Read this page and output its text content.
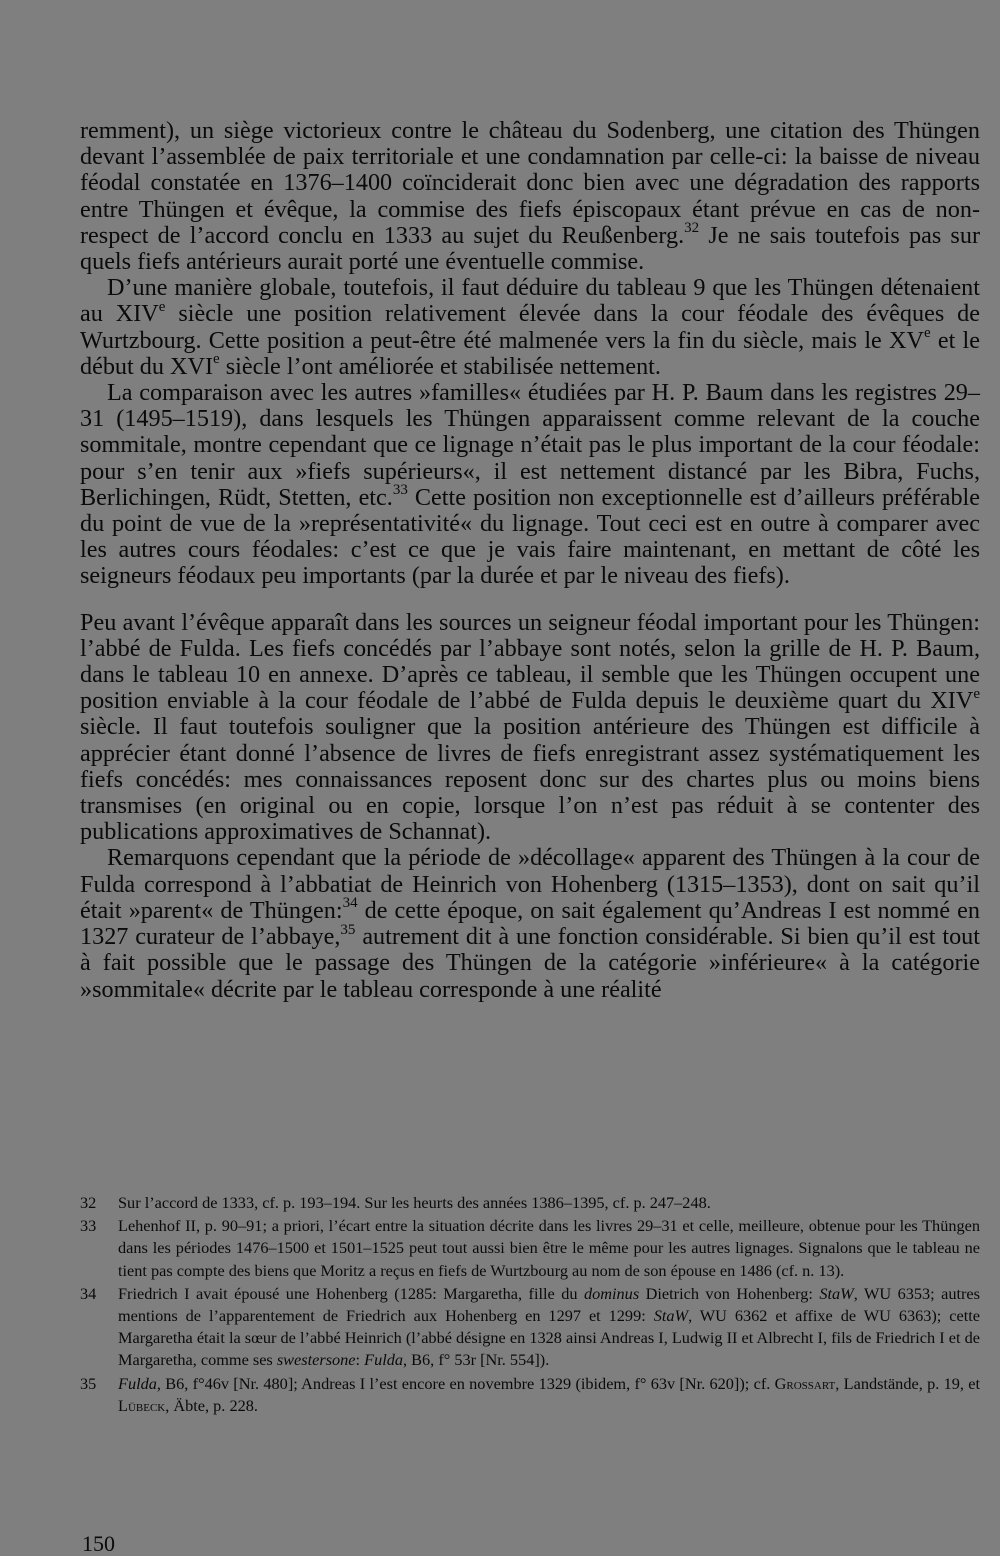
remment), un siège victorieux contre le château du Sodenberg, une citation des Thüngen devant l’assemblée de paix territoriale et une condamnation par celle-ci: la baisse de niveau féodal constatée en 1376–1400 coïnciderait donc bien avec une dégradation des rapports entre Thüngen et évêque, la commise des fiefs épiscopaux étant prévue en cas de non-respect de l’accord conclu en 1333 au sujet du Reußenberg.$^{32}$ Je ne sais toutefois pas sur quels fiefs antérieurs aurait porté une éventuelle commise.

D’une manière globale, toutefois, il faut déduire du tableau 9 que les Thüngen détenaient au XIVe siècle une position relativement élevée dans la cour féodale des évêques de Wurtzbourg. Cette position a peut-être été malmenée vers la fin du siècle, mais le XVe et le début du XVIe siècle l’ont améliorée et stabilisée nettement.

La comparaison avec les autres »familles« étudiées par H. P. Baum dans les registres 29–31 (1495–1519), dans lesquels les Thüngen apparaissent comme relevant de la couche sommitale, montre cependant que ce lignage n’était pas le plus important de la cour féodale: pour s’en tenir aux »fiefs supérieurs«, il est nettement distancé par les Bibra, Fuchs, Berlichingen, Rüdt, Stetten, etc.$^{33}$ Cette position non exceptionnelle est d’ailleurs préférable du point de vue de la »représentativité« du lignage. Tout ceci est en outre à comparer avec les autres cours féodales: c’est ce que je vais faire maintenant, en mettant de côté les seigneurs féodaux peu importants (par la durée et par le niveau des fiefs).

Peu avant l’évêque apparaît dans les sources un seigneur féodal important pour les Thüngen: l’abbé de Fulda. Les fiefs concédés par l’abbaye sont notés, selon la grille de H. P. Baum, dans le tableau 10 en annexe. D’après ce tableau, il semble que les Thüngen occupent une position enviable à la cour féodale de l’abbé de Fulda depuis le deuxième quart du XIVe siècle. Il faut toutefois souligner que la position antérieure des Thüngen est difficile à apprécier étant donné l’absence de livres de fiefs enregistrant assez systématiquement les fiefs concédés: mes connaissances reposent donc sur des chartes plus ou moins biens transmises (en original ou en copie, lorsque l’on n’est pas réduit à se contenter des publications approximatives de Schannat).

Remarquons cependant que la période de »décollage« apparent des Thüngen à la cour de Fulda correspond à l’abbatiat de Heinrich von Hohenberg (1315–1353), dont on sait qu’il était »parent« de Thüngen:$^{34}$ de cette époque, on sait également qu’Andreas I est nommé en 1327 curateur de l’abbaye,$^{35}$ autrement dit à une fonction considérable. Si bien qu’il est tout à fait possible que le passage des Thüngen de la catégorie »inférieure« à la catégorie »sommitale« décrite par le tableau corresponde à une réalité

32	Sur l’accord de 1333, cf. p. 193–194. Sur les heurts des années 1386–1395, cf. p. 247–248.
33	Lehenhof II, p. 90–91; a priori, l’écart entre la situation décrite dans les livres 29–31 et celle, meilleure, obtenue pour les Thüngen dans les périodes 1476–1500 et 1501–1525 peut tout aussi bien être le même pour les autres lignages. Signalons que le tableau ne tient pas compte des biens que Moritz a reçus en fiefs de Wurtzbourg au nom de son épouse en 1486 (cf. n. 13).
34	Friedrich I avait épousé une Hohenberg (1285: Margaretha, fille du dominus Dietrich von Hohenberg: StaW, WU 6353; autres mentions de l’apparentement de Friedrich aux Hohenberg en 1297 et 1299: StaW, WU 6362 et affixe de WU 6363); cette Margaretha était la sœur de l’abbé Heinrich (l’abbé désigne en 1328 ainsi Andreas I, Ludwig II et Albrecht I, fils de Friedrich I et de Margaretha, comme ses swestersone: Fulda, B6, f° 53r [Nr. 554]).
35	Fulda, B6, f°46v [Nr. 480]; Andreas I l’est encore en novembre 1329 (ibidem, f° 63v [Nr. 620]); cf. Grossart, Landstände, p. 19, et Lübeck, Äbte, p. 228.
150
